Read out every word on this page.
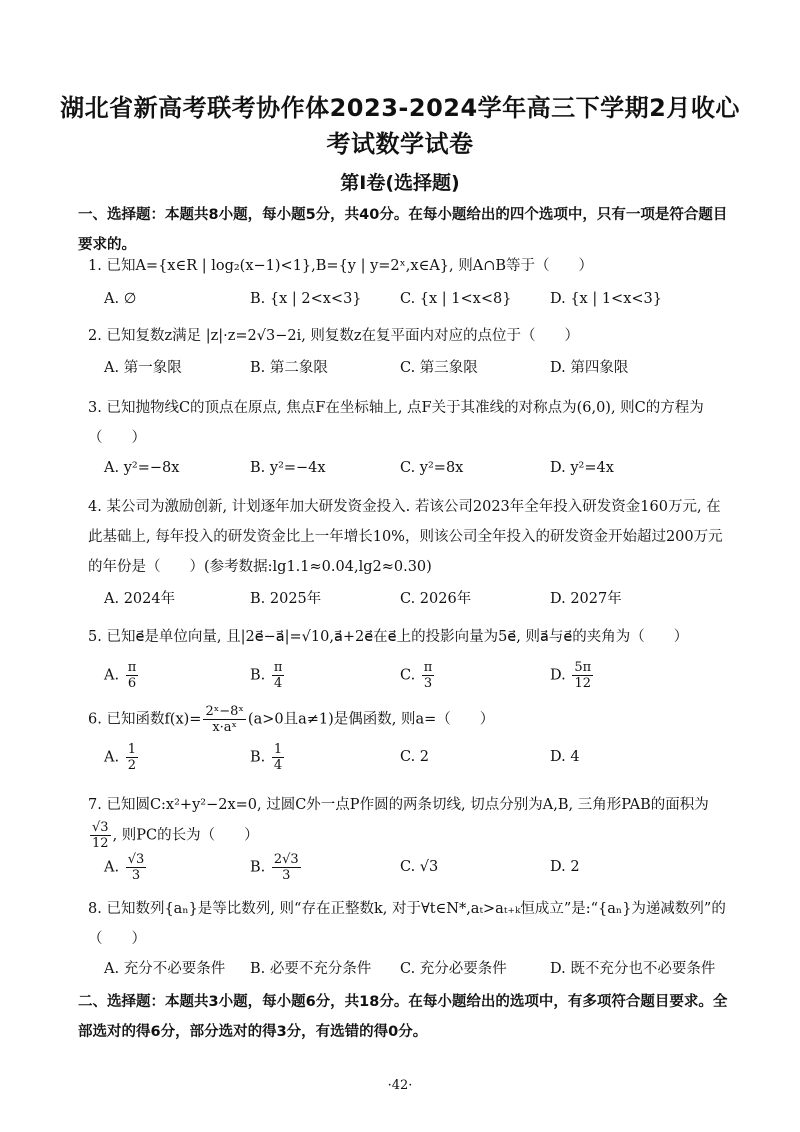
湖北省新高考联考协作体2023-2024学年高三下学期2月收心
考试数学试卷
第I卷(选择题)
一、选择题：本题共8小题，每小题5分，共40分。在每小题给出的四个选项中，只有一项是符合题目要求的。
1. 已知A={x∈R | log₂(x−1)<1},B={y | y=2ˣ,x∈A}, 则A∩B等于（　　）
A. ∅	B. {x | 2<x<3}	C. {x | 1<x<8}	D. {x | 1<x<3}
2. 已知复数z满足 |z|·z=2√3−2i, 则复数z在复平面内对应的点位于（　　）
A. 第一象限	B. 第二象限	C. 第三象限	D. 第四象限
3. 已知抛物线C的顶点在原点, 焦点F在坐标轴上, 点F关于其准线的对称点为(6,0), 则C的方程为（　　）
A. y²=−8x	B. y²=−4x	C. y²=8x	D. y²=4x
4. 某公司为激励创新, 计划逐年加大研发资金投入. 若该公司2023年全年投入研发资金160万元, 在此基础上, 每年投入的研发资金比上一年增长10%，则该公司全年投入的研发资金开始超过200万元的年份是（　　）(参考数据:lg1.1≈0.04,lg2≈0.30)
A. 2024年	B. 2025年	C. 2026年	D. 2027年
5. 已知e⃗是单位向量, 且|2e⃗−a⃗|=√10,a⃗+2e⃗在e⃗上的投影向量为5e⃗, 则a⃗与e⃗的夹角为（　　）
A. $\frac{\pi}{6}$	B. $\frac{\pi}{4}$	C. $\frac{\pi}{3}$	D. $\frac{5\pi}{12}$
6. 已知函数$f(x)= \frac{\text{2ˣ−8ˣ}}{\text{x·aˣ}} (a>0$且a≠1)是偶函数, 则a=（　　）
A. $\frac{1}{2}$	B. $\frac{1}{4}$	C. 2	D. 4
7. 已知圆C:x²+y²−2x=0, 过圆C外一点P作圆的两条切线, 切点分别为A,B, 三角形PAB的面积为
$\frac{√3}{12}$ , 则PC的长为（　　）
A. $\frac{√3}{3}$	B. $\frac{2√3}{3}$	C. √3	D. 2
8. 已知数列{aₙ}是等比数列, 则“存在正整数k, 对于∀t∈N*,aₜ>aₜ₊ₖ恒成立”是:“{aₙ}为递减数列”的（　　）
A. 充分不必要条件 B. 必要不充分条件 C. 充分必要条件	D. 既不充分也不必要条件
二、选择题：本题共3小题，每小题6分，共18分。在每小题给出的选项中，有多项符合题目要求。全部选对的得6分，部分选对的得3分，有选错的得0分。
·42·
